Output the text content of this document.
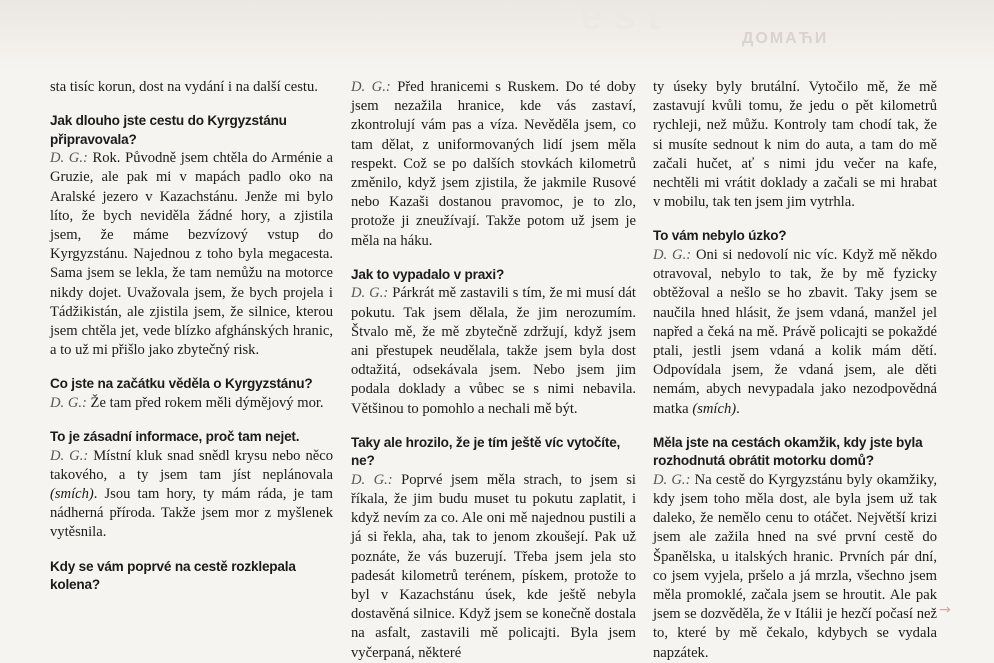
’ e s t
ДОМАЋИ

sta tisíc korun, dost na vydání i na další cestu.

Jak dlouho jste cestu do Kyrgyzstánu připravovala?

D. G.: Rok. Původně jsem chtěla do Arménie a Gruzie, ale pak mi v mapách padlo oko na Aralské jezero v Kazachstánu. Jenže mi bylo líto, že bych neviděla žádné hory, a zjistila jsem, že máme bezvízový vstup do Kyrgyzstánu. Najednou z toho byla megacesta. Sama jsem se lekla, že tam nemůžu na motorce nikdy dojet. Uvažovala jsem, že bych projela i Tádžikistán, ale zjistila jsem, že silnice, kterou jsem chtěla jet, vede blízko afghánských hranic, a to už mi přišlo jako zbytečný risk.

Co jste na začátku věděla o Kyrgyzstánu?

D. G.: Že tam před rokem měli dýmějový mor.

To je zásadní informace, proč tam nejet.

D. G.: Místní kluk snad snědl krysu nebo něco takového, a ty jsem tam jíst neplánovala (smích). Jsou tam hory, ty mám ráda, je tam nádherná příroda. Takže jsem mor z myšlenek vytěsnila.

Kdy se vám poprvé na cestě rozklepala kolena?

D. G.: Před hranicemi s Ruskem. Do té doby jsem nezažila hranice, kde vás zastaví, zkontrolují vám pas a víza. Nevěděla jsem, co tam dělat, z uniformovaných lidí jsem měla respekt. Což se po dalších stovkách kilometrů změnilo, když jsem zjistila, že jakmile Rusové nebo Kazaši dostanou pravomoc, je to zlo, protože ji zneužívají. Takže potom už jsem je měla na háku.

Jak to vypadalo v praxi?

D. G.: Párkrát mě zastavili s tím, že mi musí dát pokutu. Tak jsem dělala, že jim nerozumím. Štvalo mě, že mě zbytečně zdržují, když jsem ani přestupek neudělala, takže jsem byla dost odtažitá, odsekávala jsem. Nebo jsem jim podala doklady a vůbec se s nimi nebavila. Většinou to pomohlo a nechali mě být.

Taky ale hrozilo, že je tím ještě víc vytočíte, ne?

D. G.: Poprvé jsem měla strach, to jsem si říkala, že jim budu muset tu pokutu zaplatit, i když nevím za co. Ale oni mě najednou pustili a já si řekla, aha, tak to jenom zkoušejí. Pak už poznáte, že vás buzerují. Třeba jsem jela sto padesát kilometrů terénem, pískem, protože to byl v Kazachstánu úsek, kde ještě nebyla dostavěná silnice. Když jsem se konečně dostala na asfalt, zastavili mě policajti. Byla jsem vyčerpaná, některé

ty úseky byly brutální. Vytočilo mě, že mě zastavují kvůli tomu, že jedu o pět kilometrů rychleji, než můžu. Kontroly tam chodí tak, že si musíte sednout k nim do auta, a tam do mě začali hučet, ať s nimi jdu večer na kafe, nechtěli mi vrátit doklady a začali se mi hrabat v mobilu, tak ten jsem jim vytrhla.

To vám nebylo úzko?

D. G.: Oni si nedovolí nic víc. Když mě někdo otravoval, nebylo to tak, že by mě fyzicky obtěžoval a nešlo se ho zbavit. Taky jsem se naučila hned hlásit, že jsem vdaná, manžel jel napřed a čeká na mě. Právě policajti se pokaždé ptali, jestli jsem vdaná a kolik mám dětí. Odpovídala jsem, že vdaná jsem, ale děti nemám, abych nevypadala jako nezodpovědná matka (smích).

Měla jste na cestách okamžik, kdy jste byla rozhodnutá obrátit motorku domů?

D. G.: Na cestě do Kyrgyzstánu byly okamžiky, kdy jsem toho měla dost, ale byla jsem už tak daleko, že nemělo cenu to otáčet. Největší krizi jsem ale zažila hned na své první cestě do Španělska, u italských hranic. Prvních pár dní, co jsem vyjela, pršelo a já mrzla, všechno jsem měla promoklé, začala jsem se hroutit. Ale pak jsem se dozvěděla, že v Itálii je hezčí počasí než to, které by mě čekalo, kdybych se vydala napzátek.

→
